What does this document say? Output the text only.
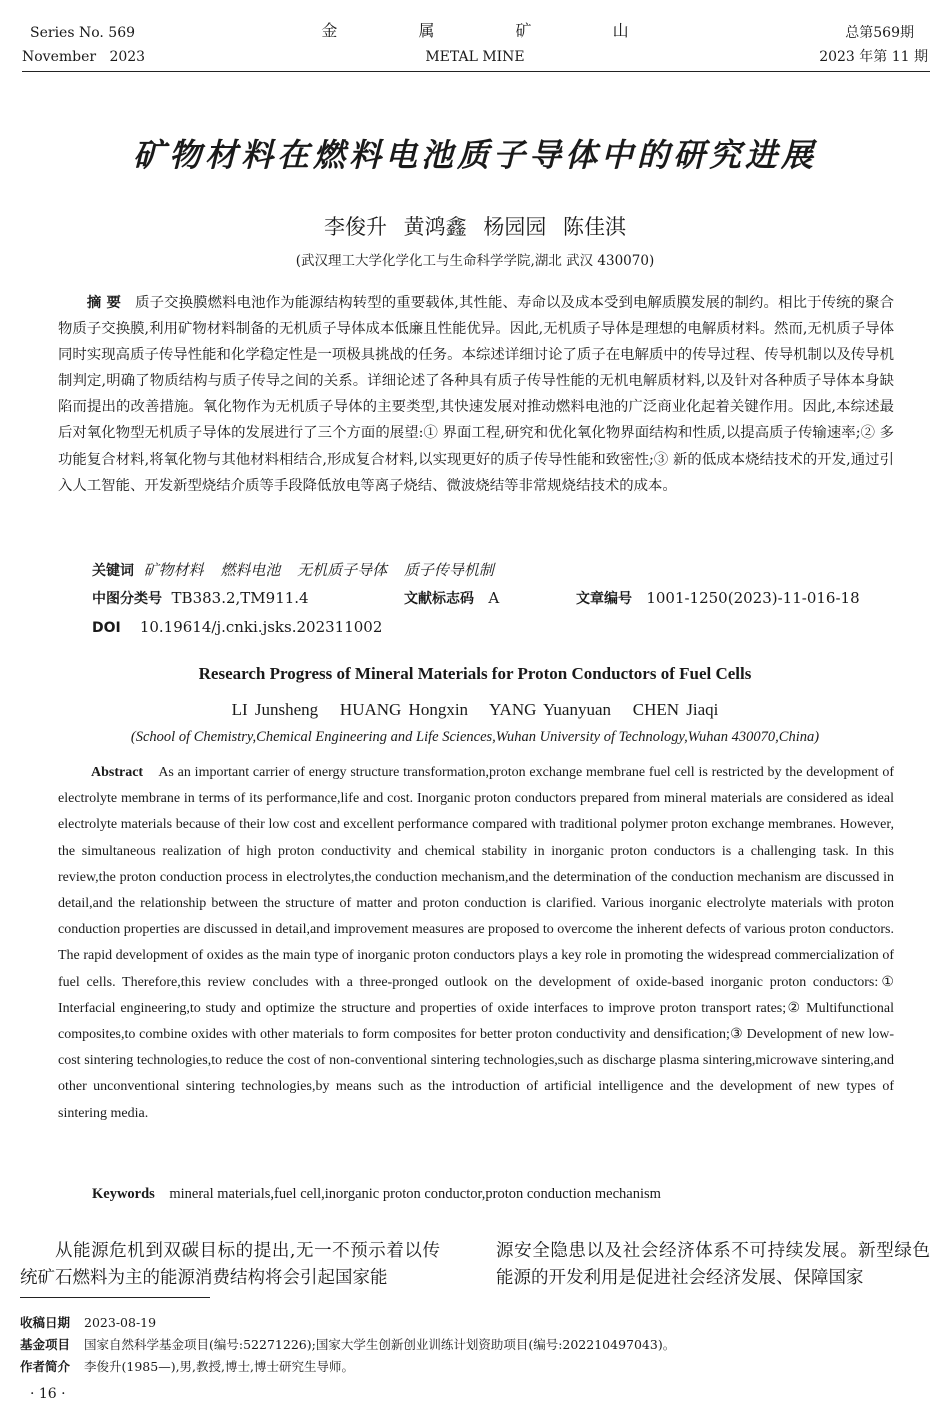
Series No. 569
November   2023
金 属 矿 山
METAL MINE
总第569期
2023 年第 11 期
矿物材料在燃料电池质子导体中的研究进展
李俊升 黄鸿鑫 杨园园 陈佳淇
(武汉理工大学化学化工与生命科学学院,湖北 武汉 430070)
摘 要 质子交换膜燃料电池作为能源结构转型的重要载体,其性能、寿命以及成本受到电解质膜发展的制约。相比于传统的聚合物质子交换膜,利用矿物材料制备的无机质子导体成本低廉且性能优异。因此,无机质子导体是理想的电解质材料。然而,无机质子导体同时实现高质子传导性能和化学稳定性是一项极具挑战的任务。本综述详细讨论了质子在电解质中的传导过程、传导机制以及传导机制判定,明确了物质结构与质子传导之间的关系。详细论述了各种具有质子传导性能的无机电解质材料,以及针对各种质子导体本身缺陷而提出的改善措施。氧化物作为无机质子导体的主要类型,其快速发展对推动燃料电池的广泛商业化起着关键作用。因此,本综述最后对氧化物型无机质子导体的发展进行了三个方面的展望:① 界面工程,研究和优化氧化物界面结构和性质,以提高质子传输速率;② 多功能复合材料,将氧化物与其他材料相结合,形成复合材料,以实现更好的质子传导性能和致密性;③ 新的低成本烧结技术的开发,通过引入人工智能、开发新型烧结介质等手段降低放电等离子烧结、微波烧结等非常规烧结技术的成本。
关键词 矿物材料 燃料电池 无机质子导体 质子传导机制
中图分类号 TB383.2,TM911.4	文献标志码 A	文章编号 1001-1250(2023)-11-016-18
DOI 10.19614/j.cnki.jsks.202311002
Research Progress of Mineral Materials for Proton Conductors of Fuel Cells
LI Junsheng   HUANG Hongxin   YANG Yuanyuan   CHEN Jiaqi
(School of Chemistry,Chemical Engineering and Life Sciences,Wuhan University of Technology,Wuhan 430070,China)
Abstract As an important carrier of energy structure transformation,proton exchange membrane fuel cell is restricted by the development of electrolyte membrane in terms of its performance,life and cost. Inorganic proton conductors prepared from mineral materials are considered as ideal electrolyte materials because of their low cost and excellent performance compared with traditional polymer proton exchange membranes. However, the simultaneous realization of high proton conductivity and chemical stability in inorganic proton conductors is a challenging task. In this review,the proton conduction process in electrolytes,the conduction mechanism,and the determination of the conduction mechanism are discussed in detail,and the relationship between the structure of matter and proton conduction is clarified. Various inorganic electrolyte materials with proton conduction properties are discussed in detail,and improvement measures are proposed to overcome the inherent defects of various proton conductors. The rapid development of oxides as the main type of inorganic proton conductors plays a key role in promoting the widespread commercialization of fuel cells. Therefore,this review concludes with a three-pronged outlook on the development of oxide-based inorganic proton conductors:① Interfacial engineering,to study and optimize the structure and properties of oxide interfaces to improve proton transport rates;② Multifunctional composites,to combine oxides with other materials to form composites for better proton conductivity and densification;③ Development of new low-cost sintering technologies,to reduce the cost of non-conventional sintering technologies,such as discharge plasma sintering,microwave sintering,and other unconventional sintering technologies,by means such as the introduction of artificial intelligence and the development of new types of sintering media.
Keywords mineral materials,fuel cell,inorganic proton conductor,proton conduction mechanism
从能源危机到双碳目标的提出,无一不预示着以传统矿石燃料为主的能源消费结构将会引起国家能
源安全隐患以及社会经济体系不可持续发展。新型绿色能源的开发利用是促进社会经济发展、保障国家
收稿日期 2023-08-19
基金项目 国家自然科学基金项目(编号:52271226);国家大学生创新创业训练计划资助项目(编号:202210497043)。
作者简介 李俊升(1985—),男,教授,博士,博士研究生导师。
· 16 ·
